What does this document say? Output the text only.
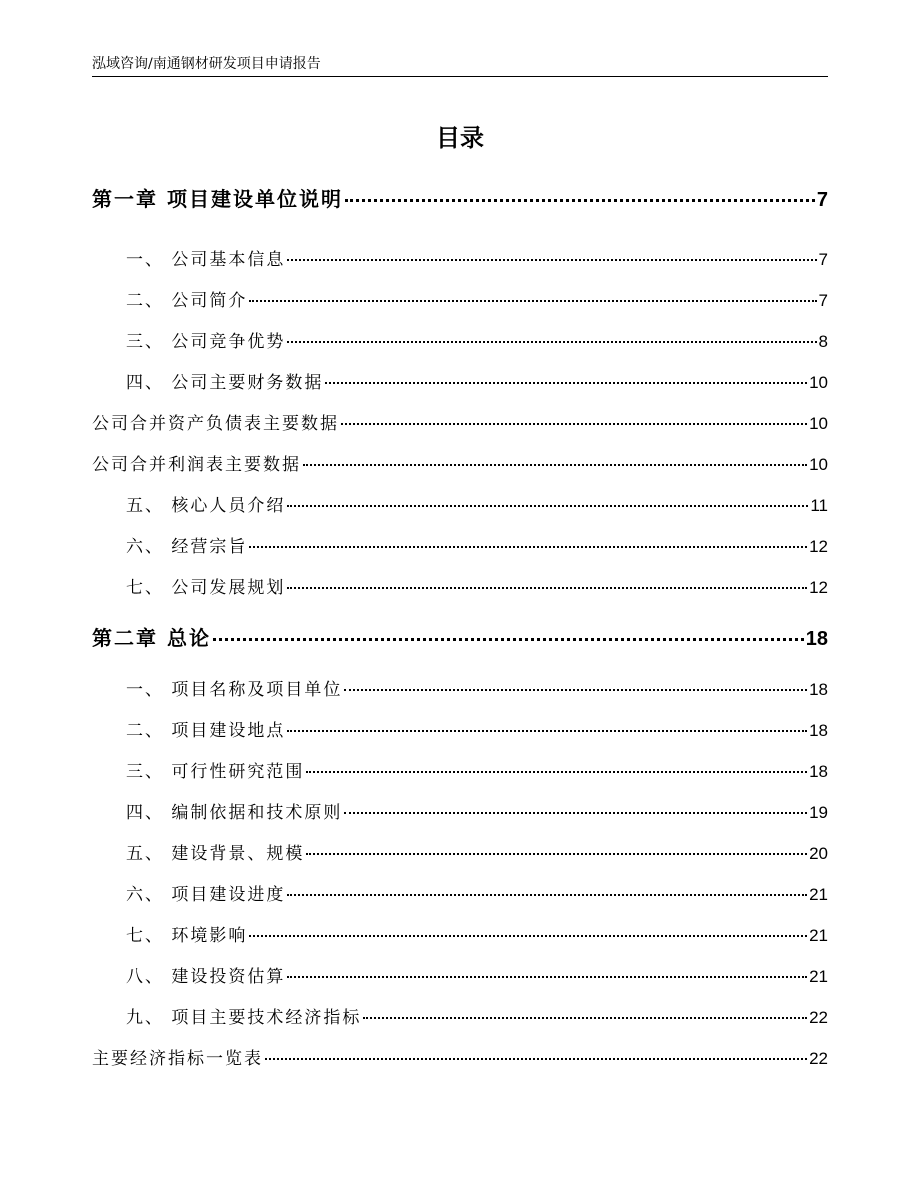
泓域咨询/南通钢材研发项目申请报告
目录
第一章 项目建设单位说明	7
一、 公司基本信息	7
二、 公司简介	7
三、 公司竞争优势	8
四、 公司主要财务数据	10
公司合并资产负债表主要数据	10
公司合并利润表主要数据	10
五、 核心人员介绍	11
六、 经营宗旨	12
七、 公司发展规划	12
第二章 总论	18
一、 项目名称及项目单位	18
二、 项目建设地点	18
三、 可行性研究范围	18
四、 编制依据和技术原则	19
五、 建设背景、规模	20
六、 项目建设进度	21
七、 环境影响	21
八、 建设投资估算	21
九、 项目主要技术经济指标	22
主要经济指标一览表	22
